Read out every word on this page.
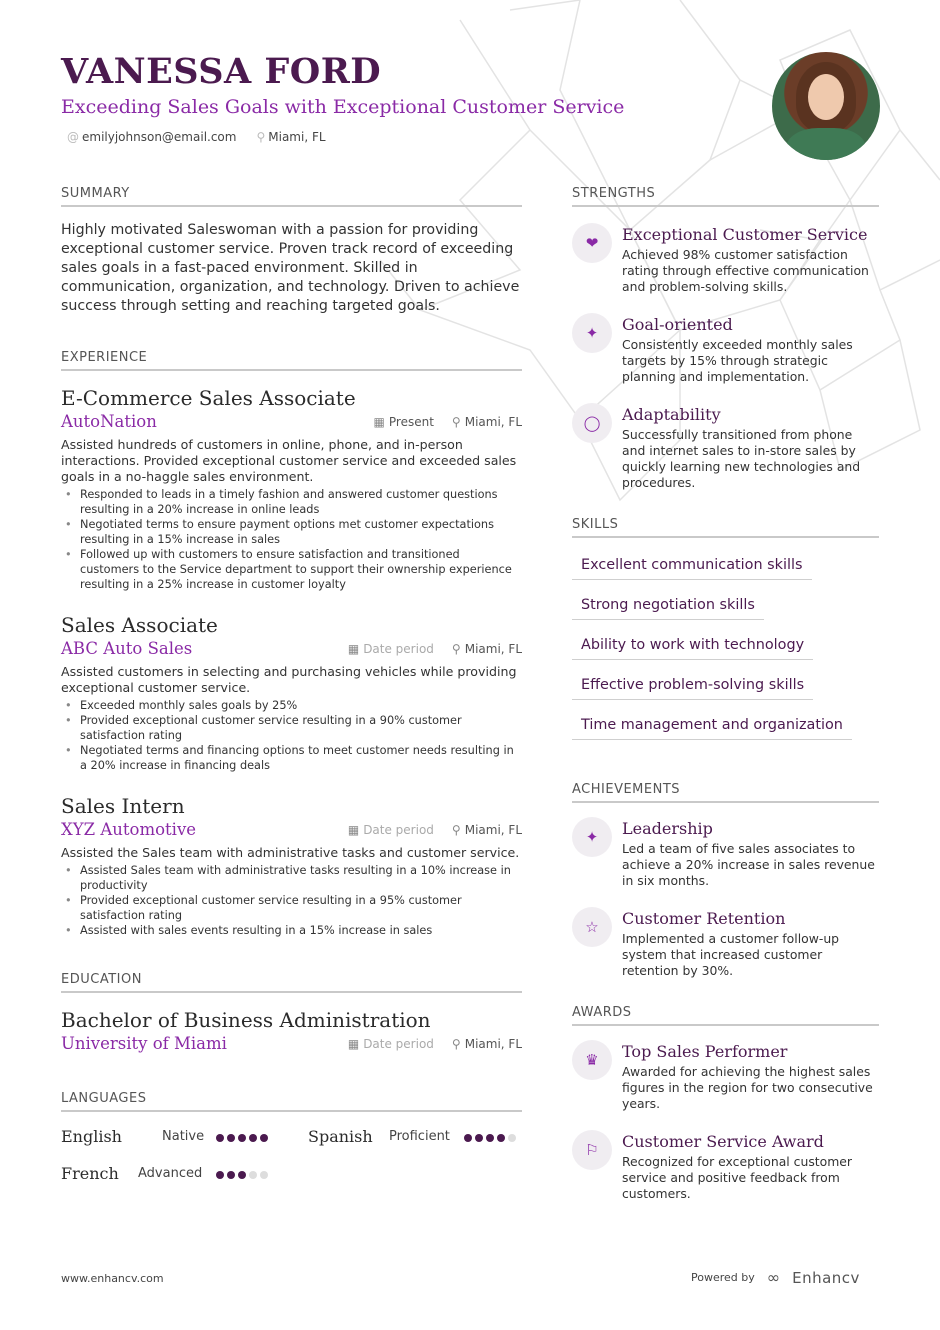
VANESSA FORD
Exceeding Sales Goals with Exceptional Customer Service
@ emilyjohnson@email.com ⚲ Miami, FL
SUMMARY

Highly motivated Saleswoman with a passion for providing exceptional customer service. Proven track record of exceeding sales goals in a fast-paced environment. Skilled in communication, organization, and technology. Driven to achieve success through setting and reaching targeted goals.

EXPERIENCE
E-Commerce Sales Associate
AutoNation	▦ Present ⚲ Miami, FL
Assisted hundreds of customers in online, phone, and in-person interactions. Provided exceptional customer service and exceeded sales goals in a no-haggle sales environment.
• Responded to leads in a timely fashion and answered customer questions resulting in a 20% increase in online leads
• Negotiated terms to ensure payment options met customer expectations resulting in a 15% increase in sales
• Followed up with customers to ensure satisfaction and transitioned customers to the Service department to support their ownership experience resulting in a 25% increase in customer loyalty
Sales Associate
ABC Auto Sales	▦ Date period ⚲ Miami, FL
Assisted customers in selecting and purchasing vehicles while providing exceptional customer service.
• Exceeded monthly sales goals by 25%
• Provided exceptional customer service resulting in a 90% customer satisfaction rating
• Negotiated terms and financing options to meet customer needs resulting in a 20% increase in financing deals
Sales Intern
XYZ Automotive	▦ Date period ⚲ Miami, FL
Assisted the Sales team with administrative tasks and customer service.
• Assisted Sales team with administrative tasks resulting in a 10% increase in productivity
• Provided exceptional customer service resulting in a 95% customer satisfaction rating
• Assisted with sales events resulting in a 15% increase in sales
EDUCATION
Bachelor of Business Administration
University of Miami	▦ Date period ⚲ Miami, FL
LANGUAGES
English	Native	Spanish	Proficient
French	Advanced
STRENGTHS
❤	Exceptional Customer Service
Achieved 98% customer satisfaction rating through effective communication and problem-solving skills.
✦	Goal-oriented
Consistently exceeded monthly sales targets by 15% through strategic planning and implementation.
◯	Adaptability
Successfully transitioned from phone and internet sales to in-store sales by quickly learning new technologies and procedures.
SKILLS
Excellent communication skills
Strong negotiation skills
Ability to work with technology
Effective problem-solving skills
Time management and organization
ACHIEVEMENTS
✦	Leadership
Led a team of five sales associates to achieve a 20% increase in sales revenue in six months.
☆	Customer Retention
Implemented a customer follow-up system that increased customer retention by 30%.
AWARDS
♛	Top Sales Performer
Awarded for achieving the highest sales figures in the region for two consecutive years.
⚐	Customer Service Award
Recognized for exceptional customer service and positive feedback from customers.
www.enhancv.com	Powered by ∞ Enhancv
